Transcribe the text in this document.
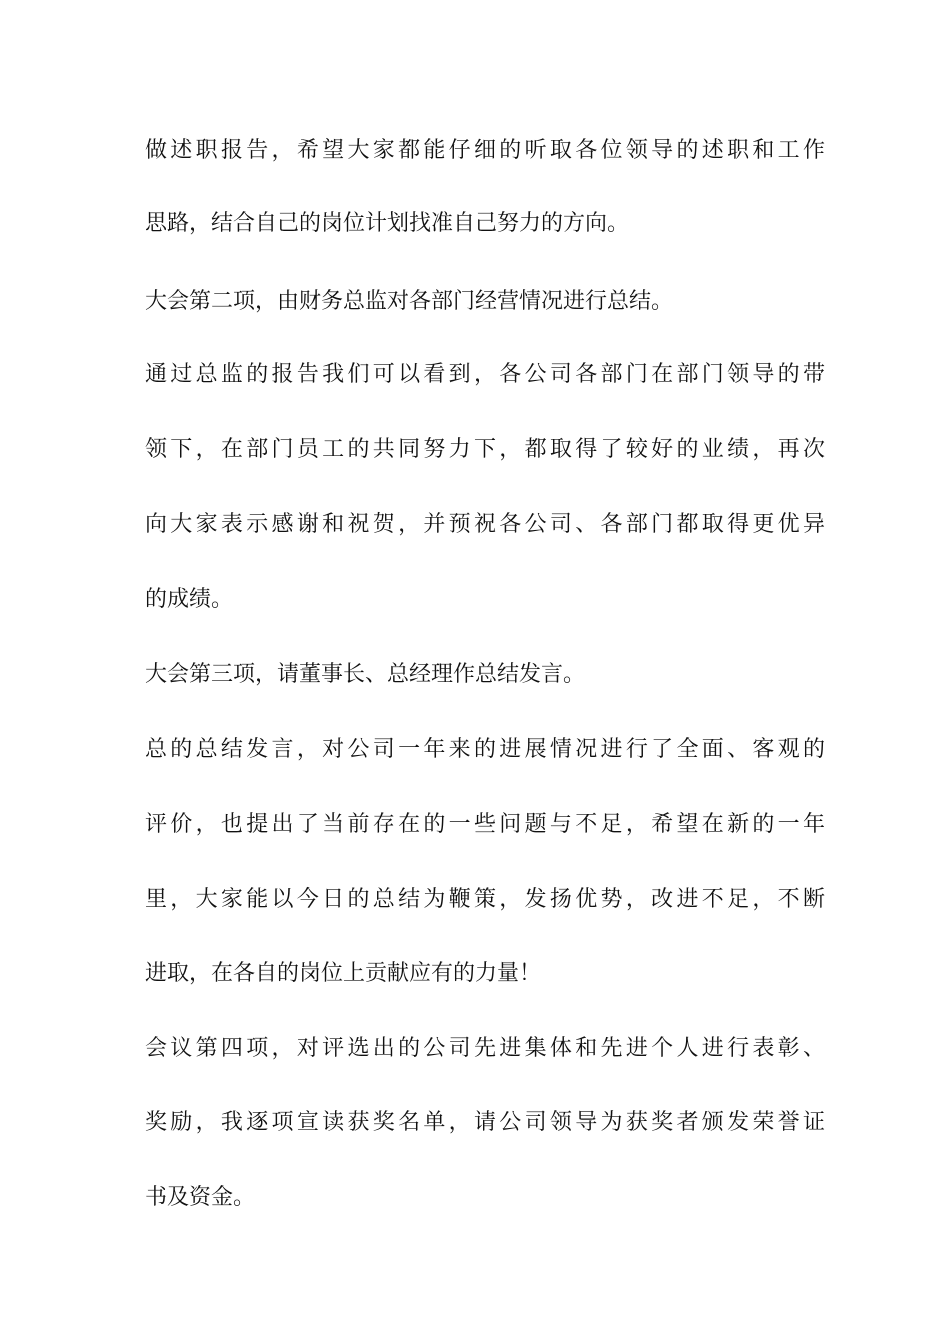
做述职报告，希望大家都能仔细的听取各位领导的述职和工作
思路，结合自己的岗位计划找准自己努力的方向。
大会第二项，由财务总监对各部门经营情况进行总结。
通过总监的报告我们可以看到，各公司各部门在部门领导的带
领下，在部门员工的共同努力下，都取得了较好的业绩，再次
向大家表示感谢和祝贺，并预祝各公司、各部门都取得更优异
的成绩。
大会第三项，请董事长、总经理作总结发言。
总的总结发言，对公司一年来的进展情况进行了全面、客观的
评价，也提出了当前存在的一些问题与不足，希望在新的一年
里，大家能以今日的总结为鞭策，发扬优势，改进不足，不断
进取，在各自的岗位上贡献应有的力量！
会议第四项，对评选出的公司先进集体和先进个人进行表彰、
奖励，我逐项宣读获奖名单，请公司领导为获奖者颁发荣誉证
书及资金。
